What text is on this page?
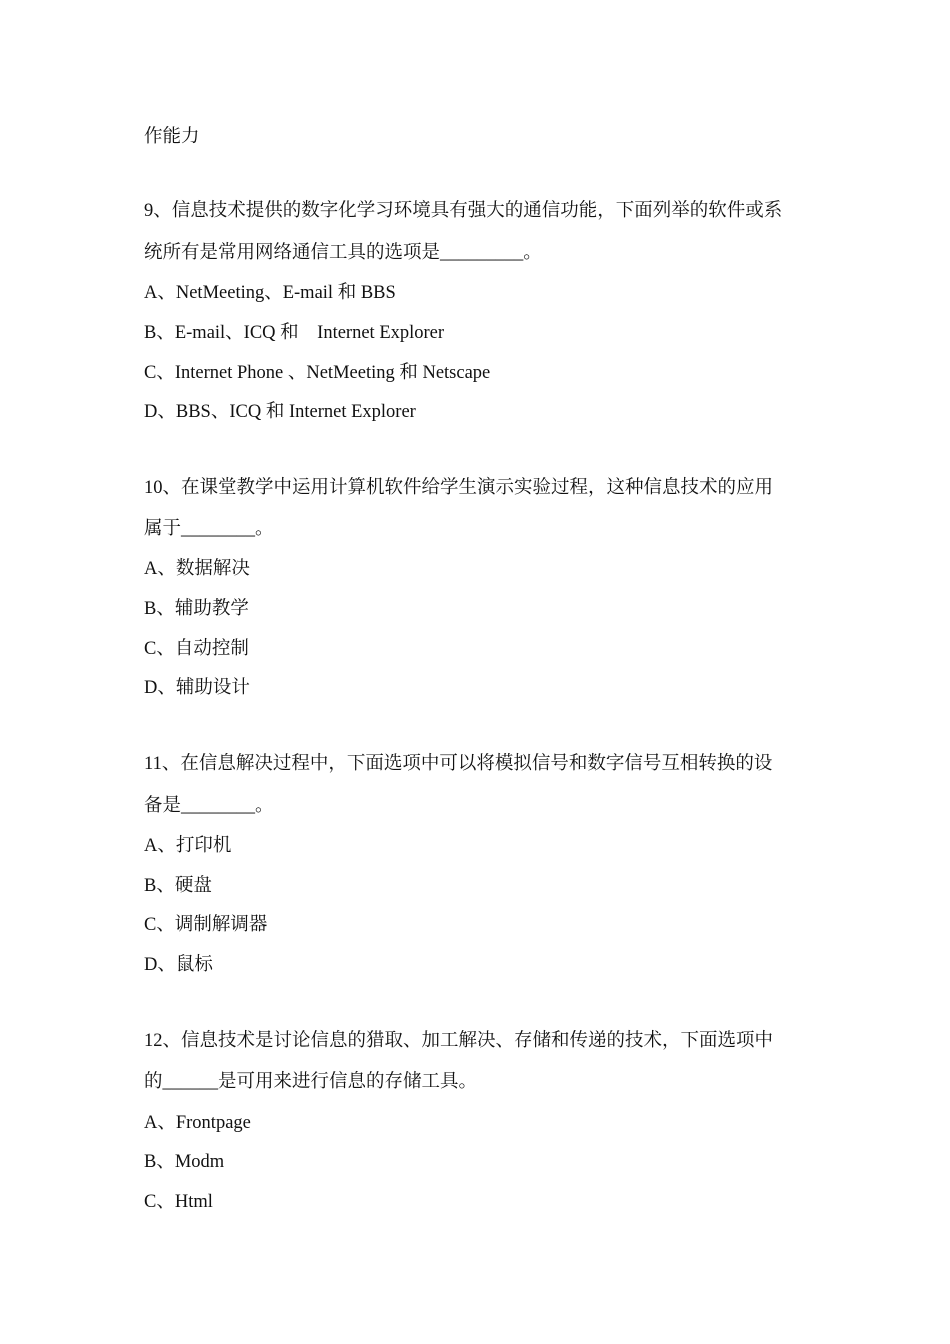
作能力
9、信息技术提供的数字化学习环境具有强大的通信功能，下面列举的软件或系
统所有是常用网络通信工具的选项是_________。
A、NetMeeting、E-mail 和 BBS
B、E-mail、ICQ 和　Internet Explorer
C、Internet Phone 、NetMeeting 和 Netscape
D、BBS、ICQ 和 Internet Explorer
10、在课堂教学中运用计算机软件给学生演示实验过程，这种信息技术的应用
属于________。
A、数据解决
B、辅助教学
C、自动控制
D、辅助设计
11、在信息解决过程中，下面选项中可以将模拟信号和数字信号互相转换的设
备是________。
A、打印机
B、硬盘
C、调制解调器
D、鼠标
12、信息技术是讨论信息的猎取、加工解决、存储和传递的技术，下面选项中
的______是可用来进行信息的存储工具。
A、Frontpage
B、Modm
C、Html
